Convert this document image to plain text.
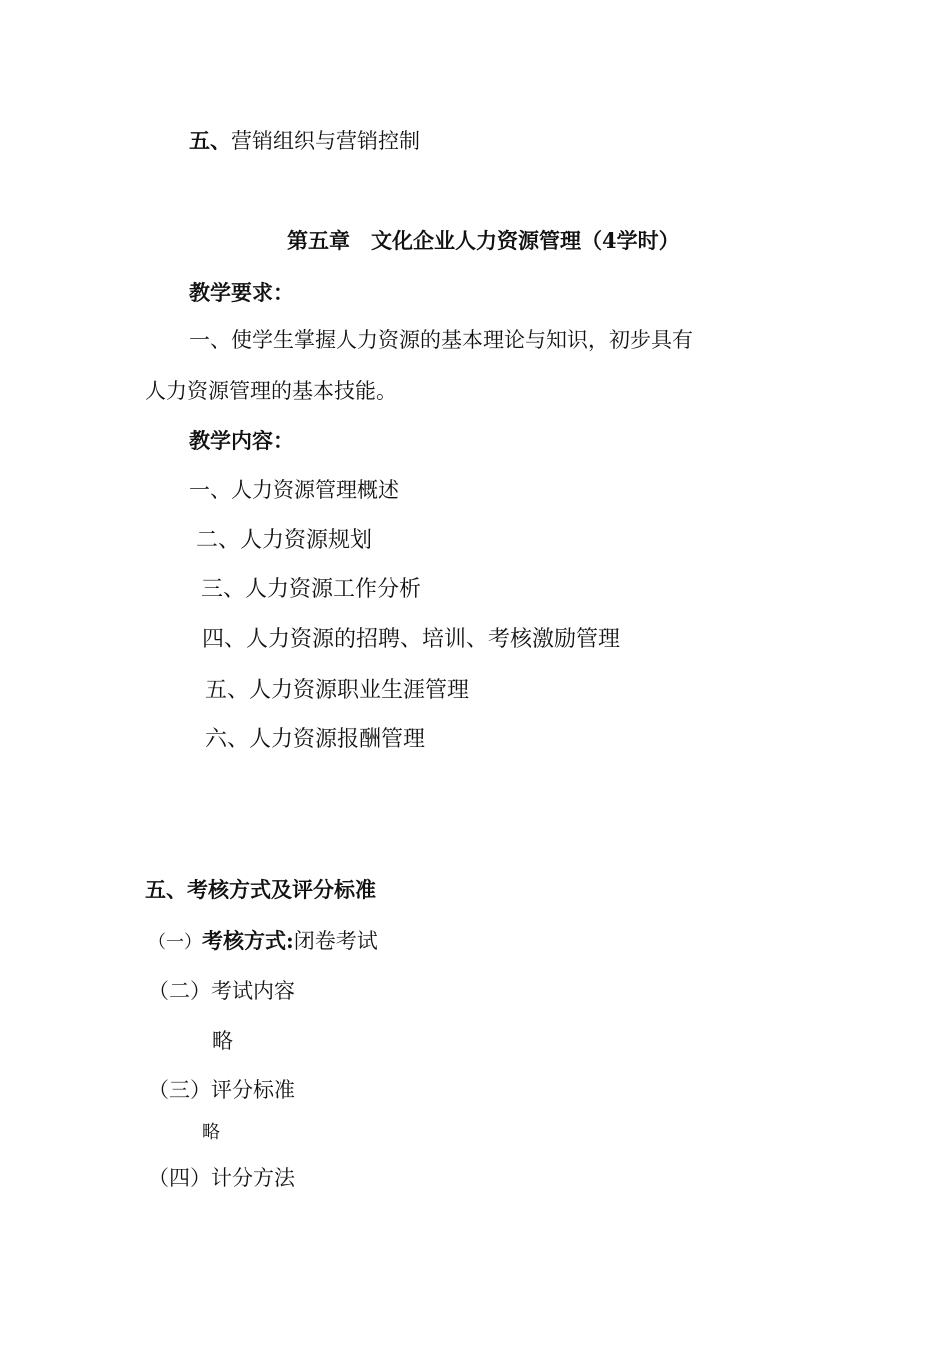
五、营销组织与营销控制
第五章　文化企业人力资源管理（4学时）
教学要求：
一、使学生掌握人力资源的基本理论与知识，初步具有
人力资源管理的基本技能。
教学内容：
一、人力资源管理概述
二、人力资源规划
三、人力资源工作分析
四、人力资源的招聘、培训、考核激励管理
五、人力资源职业生涯管理
六、人力资源报酬管理
五、考核方式及评分标准
（一）考核方式:闭卷考试
（二）考试内容
略
（三）评分标准
略
（四）计分方法
